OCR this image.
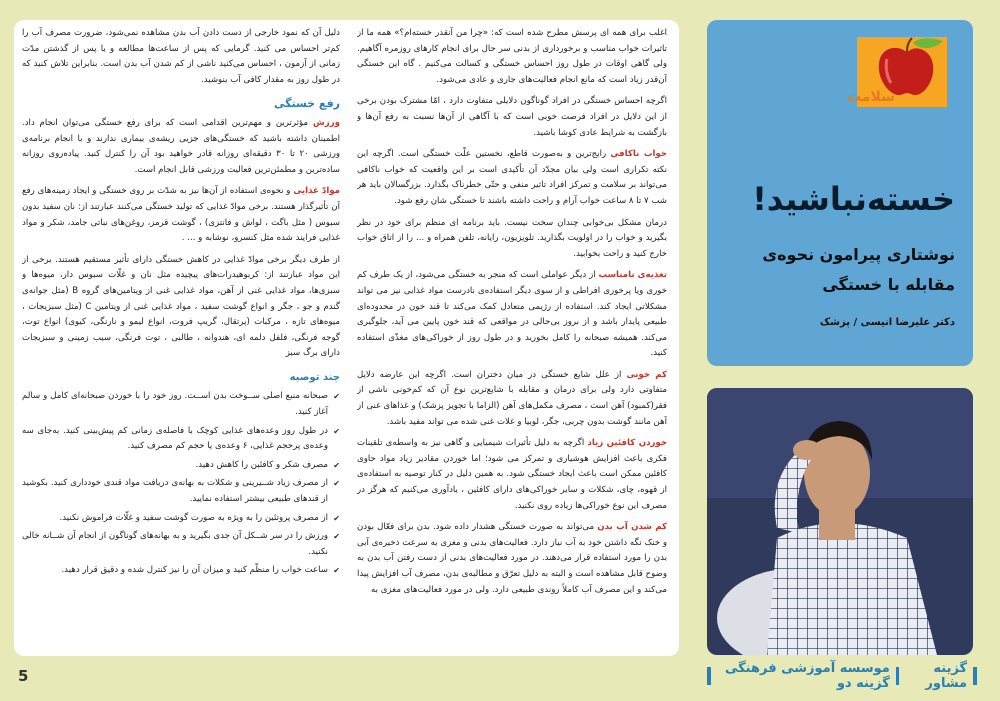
5

اغلب برای همه ای پرسش مطرح شده است که: «چرا من آنقدر خسته‌ام؟» همه ما از تاثیرات خواب مناسب و برخورداری از بدنی سر حال برای انجام کارهای روزمره آگاهیم. ولی گاهی اوقات در طول روز احساس خستگی و کسالت می‌کنیم . گاه این خستگی آن‌قدر زیاد است که مانع انجام فعالیت‌های جاری و عادی می‌شود.

اگرچه احساس خستگی در افراد گوناگون دلایلی متفاوت دارد ، امّا مشترک بودن برخی از این دلایل در افراد فرصت خوبی است که با آگاهی از آن‌ها نسبت به رفع آن‌ها و بازگشت به شرایط عادی کوشا باشید.

خواب ناکافی رایج‌ترین و به‌صورت قاطع، نخستین علّت خستگی است. اگرچه این نکته تکراری است ولی بیان مجدّد آن تأکیدی است بر این واقعیت که خواب ناکافی می‌تواند بر سلامت و تمرکز افراد تاثیر منفی و حتّی خطرناک بگذارد. بزرگسالان باید هر شب ۷ تا ۸ ساعت خواب آرام و راحت داشته باشند تا خستگی شان رفع شود.

درمان مشکل بی‌خوابی چندان سخت نیست. باید برنامه ای منظم برای خود در نظر بگیرید و خواب را در اولویت بگذارید. تلویزیون، رایانه، تلفن همراه و ... را از اتاق خواب خارج کنید و راحت بخوابید.

تغذیه‌ی نامناسب از دیگر عواملی است که منجر به خستگی می‌شود، از یک طرف کم خوری ویا پرخوری افراطی و از سوی دیگر استفاده‌ی نادرست مواد غذایی نیز می تواند مشکلاتی ایجاد کند. استفاده از رژیمی متعادل کمک می‌کند تا قند خون در محدوده‌ای طبیعی پایدار باشد و از بروز بی‌حالی در مواقعی که قند خون پایین می آید، جلوگیری می‌کند. همیشه صبحانه را کامل بخورید و در طول روز از خوراکی‌های مغذّی استفاده کنید.

کم خونی از علل شایع خستگی در میان دختران است. اگرچه این عارضه دلایل متفاوتی دارد ولی برای درمان و مقابله با شایع‌ترین نوع آن که کم‌خونی ناشی از فقر(کمبود) آهن است ، مصرف مکمل‌های آهن (الزاما با تجویز پزشک) و غذاهای غنی از آهن مانند گوشت بدون چربی، جگر، لوبیا و غلات غنی شده می تواند مفید باشد.

خوردن کافئین زیاد اگرچه به دلیل تأثیرات شیمیایی و گاهی نیز به واسطه‌ی تلقینات فکری باعث افزایش هوشیاری و تمرکز می شود؛ اما خوردن مقادیر زیاد مواد حاوی کافئین ممکن است باعث ایجاد خستگی شود. به همین دلیل در کنار توصیه به استفاده‌ی از قهوه، چای، شکلات و سایر خوراکی‌های دارای کافئین ، یادآوری می‌کنیم که هرگز در مصرف این نوع خوراکی‌ها زیاده روی نکنید.

کم شدن آب بدن می‌تواند به صورت خستگی هشدار داده شود. بدن برای فعّال بودن و خنک نگه داشتن خود به آب نیاز دارد. فعالیت‌های بدنی و مغزی به سرعت ذخیره‌ی آبی بدن را مورد استفاده قرار می‌دهند. در مورد فعالیت‌های بدنی از دست رفتن آب بدن به وضوح قابل مشاهده است و البته به دلیل تعرّق و مطالبه‌ی بدن، مصرف آب افزایش پیدا می‌کند و این مصرف آب کاملاً روندی طبیعی دارد. ولی در مورد فعالیت‌های مغزی به

دلیل آن که نمود خارجی از دست دادن آب بدن مشاهده نمی‌شود، ضرورت مصرف آب را کم‌تر احساس می کنید. گرمایی که پس از ساعت‌ها مطالعه و یا پس از گذشتن مدّت زمانی از آزمون ، احساس می‌کنید ناشی از کم شدن آب بدن است. بنابراین تلاش کنید که در طول روز به مقدار کافی آب بنوشید.

رفع خستگی

ورزش مؤثرترین و مهم‌ترین اقدامی است که برای رفع خستگی می‌توان انجام داد. اطمینان داشته باشید که خستگی‌های جزیی ریشه‌ی بیماری ندارند و با انجام برنامه‌ی ورزشی ۲۰ تا ۳۰ دقیقه‌ای روزانه قادر خواهید بود آن را کنترل کنید. پیاده‌روی روزانه ساده‌ترین و مطمئن‌ترین فعالیت ورزشی قابل انجام است.

موادّ غذایی و نحوه‌ی استفاده از آن‌ها نیز به شدّت بر روی خستگی و ایجاد زمینه‌های رفع آن تأثیرگذار هستند. برخی موادّ غذایی که تولید خستگی می‌کنند عبارتند از: نان سفید بدون سبوس ( مثل باگت ، لواش و فانتزی) ، گوشت قرمز، روغن‌های نباتی جامد، شکر و مواد غذایی فرایند شده مثل کنسرو، نوشابه و ... .

از طرف دیگر برخی موادّ غذایی در کاهش خستگی دارای تأثیر مستقیم هستند. برخی از این مواد عبارتند از: کربوهیدرات‌های پیچیده مثل نان و غلّات سبوس دار، میوه‌ها و سبزی‌ها، مواد غذایی غنی از آهن، مواد غذایی غنی از ویتامین‌های گروه B (مثل جوانه‌ی گندم و جو ، جگر و انواع گوشت سفید ، مواد غذایی غنی از ویتامین C (مثل سبزیجات ، میوه‌های تازه ، مرکبات (پرتقال، گریپ فروت، انواع لیمو و نارنگی، کیوی) انواع توت، گوجه فرنگی، فلفل دلمه ای، هندوانه ، طالبی ، توت فرنگی، سیب زمینی و سبزیجات دارای برگ سبز

چند توصیه
✔ صبحانه منبع اصلی ســوخت بدن اســت. روز خود را با خوردن صبحانه‌ای کامل و سالم آغاز کنید.
✔ در طول روز وعده‌های غذایی کوچک با فاصله‌ی زمانی کم پیش‌بینی کنید. به‌جای سه وعده‌ی پرحجم غذایی، ۶ وعده‌ی یا حجم کم مصرف کنید.
✔ مصرف شکر و کافئین را کاهش دهید.
✔ از مصرف زیاد شــیرینی و شکلات به بهانه‌ی دریافت مواد قندی خودداری کنید. بکوشید از قندهای طبیعی بیشتر استفاده نمایید.
✔ از مصرف پروتئین را به ویژه به صورت گوشت سفید و غلّات فراموش نکنید.
✔ ورزش را در سر شــکل آن جدی بگیرید و به بهانه‌های گوناگون از انجام آن شــانه خالی نکنید.
✔ ساعت خواب را منظّم کنید و میزان آن را نیز کنترل شده و دقیق قرار دهید.
خسته‌نباشید!
نوشتاری پیرامون نحوه‌ی مقابله‌ با خستگی
دکتر علیرضا انیسی / پزشک
سلامت
گزینه مشاور
موسسه آموزشی فرهنگی گزینه دو
